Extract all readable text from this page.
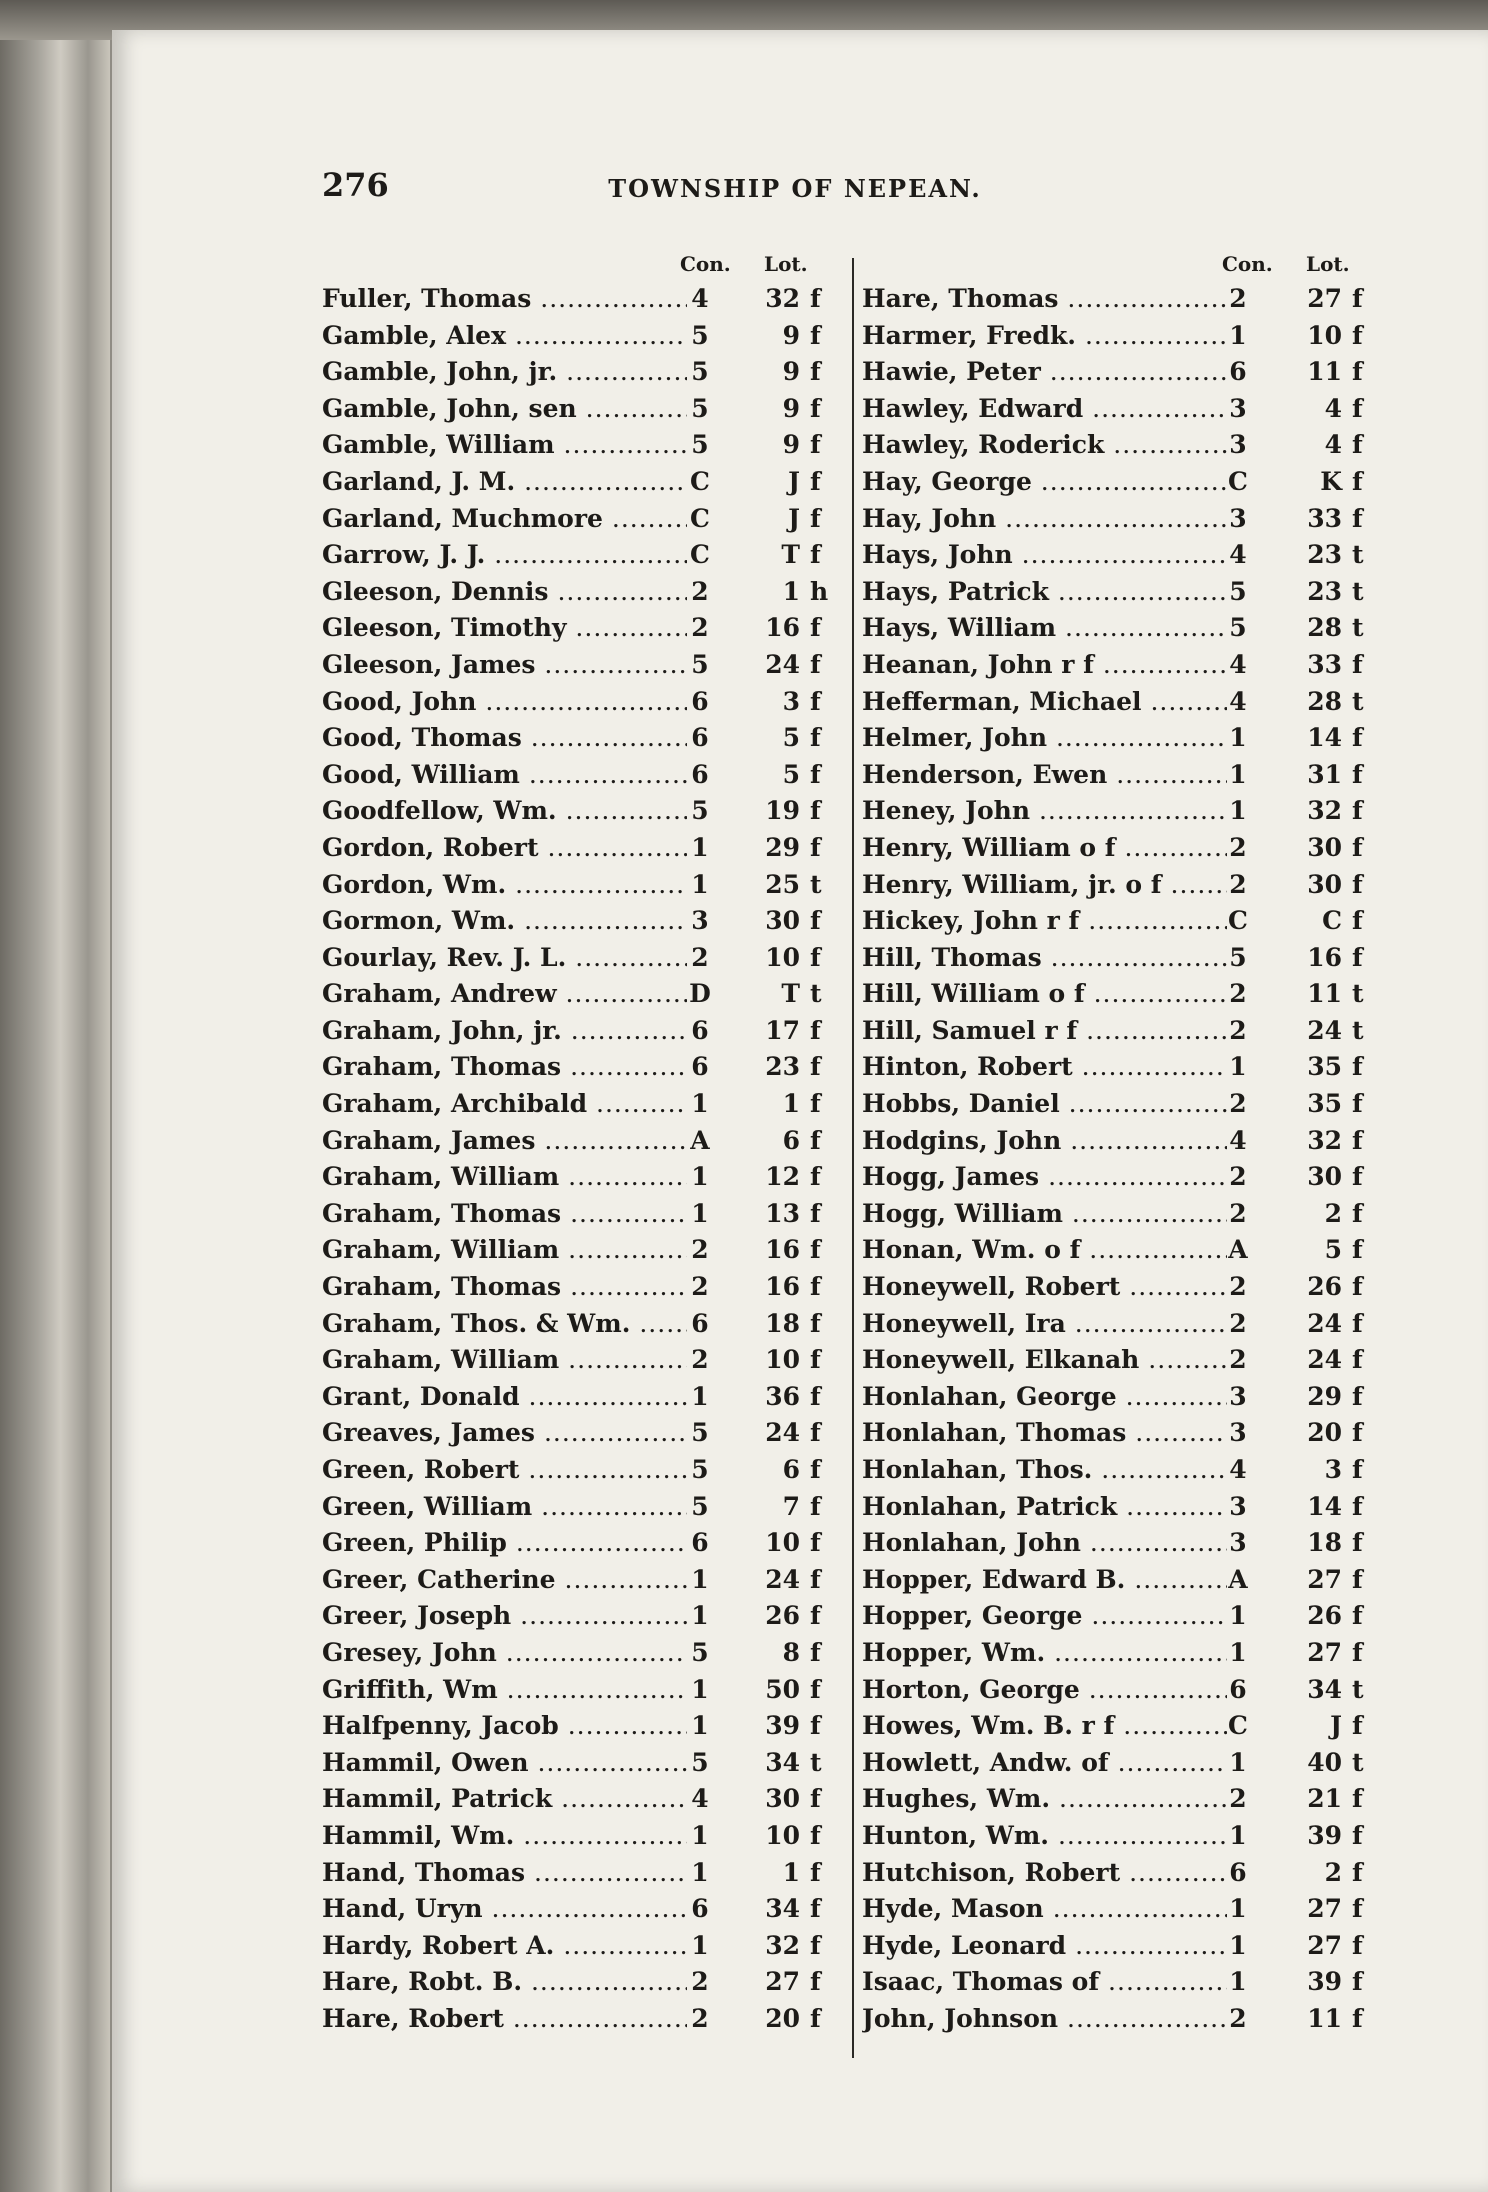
276	TOWNSHIP OF NEPEAN.
Con. Lot.
Fuller, Thomas .....	4	32 f
Gamble, Alex .....	5	9 f
Gamble, John, jr. .....	5	9 f
Gamble, John, sen .....	5	9 f
Gamble, William .....	5	9 f
Garland, J. M. .....	C	J f
Garland, Muchmore .....	C	J f
Garrow, J. J. .....	C	T f
Gleeson, Dennis .....	2	1 h
Gleeson, Timothy .....	2	16 f
Gleeson, James .....	5	24 f
Good, John .....	6	3 f
Good, Thomas .....	6	5 f
Good, William .....	6	5 f
Goodfellow, Wm. .....	5	19 f
Gordon, Robert .....	1	29 f
Gordon, Wm. .....	1	25 t
Gormon, Wm. .....	3	30 f
Gourlay, Rev. J. L. .....	2	10 f
Graham, Andrew .....	D	T t
Graham, John, jr. .....	6	17 f
Graham, Thomas .....	6	23 f
Graham, Archibald .....	1	1 f
Graham, James .....	A	6 f
Graham, William .....	1	12 f
Graham, Thomas .....	1	13 f
Graham, William .....	2	16 f
Graham, Thomas .....	2	16 f
Graham, Thos. & Wm. .....	6	18 f
Graham, William .....	2	10 f
Grant, Donald .....	1	36 f
Greaves, James .....	5	24 f
Green, Robert .....	5	6 f
Green, William .....	5	7 f
Green, Philip .....	6	10 f
Greer, Catherine .....	1	24 f
Greer, Joseph .....	1	26 f
Gresey, John .....	5	8 f
Griffith, Wm .....	1	50 f
Halfpenny, Jacob .....	1	39 f
Hammil, Owen .....	5	34 t
Hammil, Patrick .....	4	30 f
Hammil, Wm. .....	1	10 f
Hand, Thomas .....	1	1 f
Hand, Uryn .....	6	34 f
Hardy, Robert A. .....	1	32 f
Hare, Robt. B. .....	2	27 f
Hare, Robert .....	2	20 f
Con. Lot.
Hare, Thomas .....	2	27 f
Harmer, Fredk. .....	1	10 f
Hawie, Peter .....	6	11 f
Hawley, Edward .....	3	4 f
Hawley, Roderick .....	3	4 f
Hay, George .....	C	K f
Hay, John .....	3	33 f
Hays, John .....	4	23 t
Hays, Patrick .....	5	23 t
Hays, William .....	5	28 t
Heanan, John r f .....	4	33 f
Hefferman, Michael .....	4	28 t
Helmer, John .....	1	14 f
Henderson, Ewen .....	1	31 f
Heney, John .....	1	32 f
Henry, William o f .....	2	30 f
Henry, William, jr. o f .....	2	30 f
Hickey, John r f .....	C	C f
Hill, Thomas .....	5	16 f
Hill, William o f .....	2	11 t
Hill, Samuel r f .....	2	24 t
Hinton, Robert .....	1	35 f
Hobbs, Daniel .....	2	35 f
Hodgins, John .....	4	32 f
Hogg, James .....	2	30 f
Hogg, William .....	2	2 f
Honan, Wm. o f .....	A	5 f
Honeywell, Robert .....	2	26 f
Honeywell, Ira .....	2	24 f
Honeywell, Elkanah .....	2	24 f
Honlahan, George .....	3	29 f
Honlahan, Thomas .....	3	20 f
Honlahan, Thos. .....	4	3 f
Honlahan, Patrick .....	3	14 f
Honlahan, John .....	3	18 f
Hopper, Edward B. .....	A	27 f
Hopper, George .....	1	26 f
Hopper, Wm. .....	1	27 f
Horton, George .....	6	34 t
Howes, Wm. B. r f .....	C	J f
Howlett, Andw. of .....	1	40 t
Hughes, Wm. .....	2	21 f
Hunton, Wm. .....	1	39 f
Hutchison, Robert .....	6	2 f
Hyde, Mason .....	1	27 f
Hyde, Leonard .....	1	27 f
Isaac, Thomas of .....	1	39 f
John, Johnson .....	2	11 f
